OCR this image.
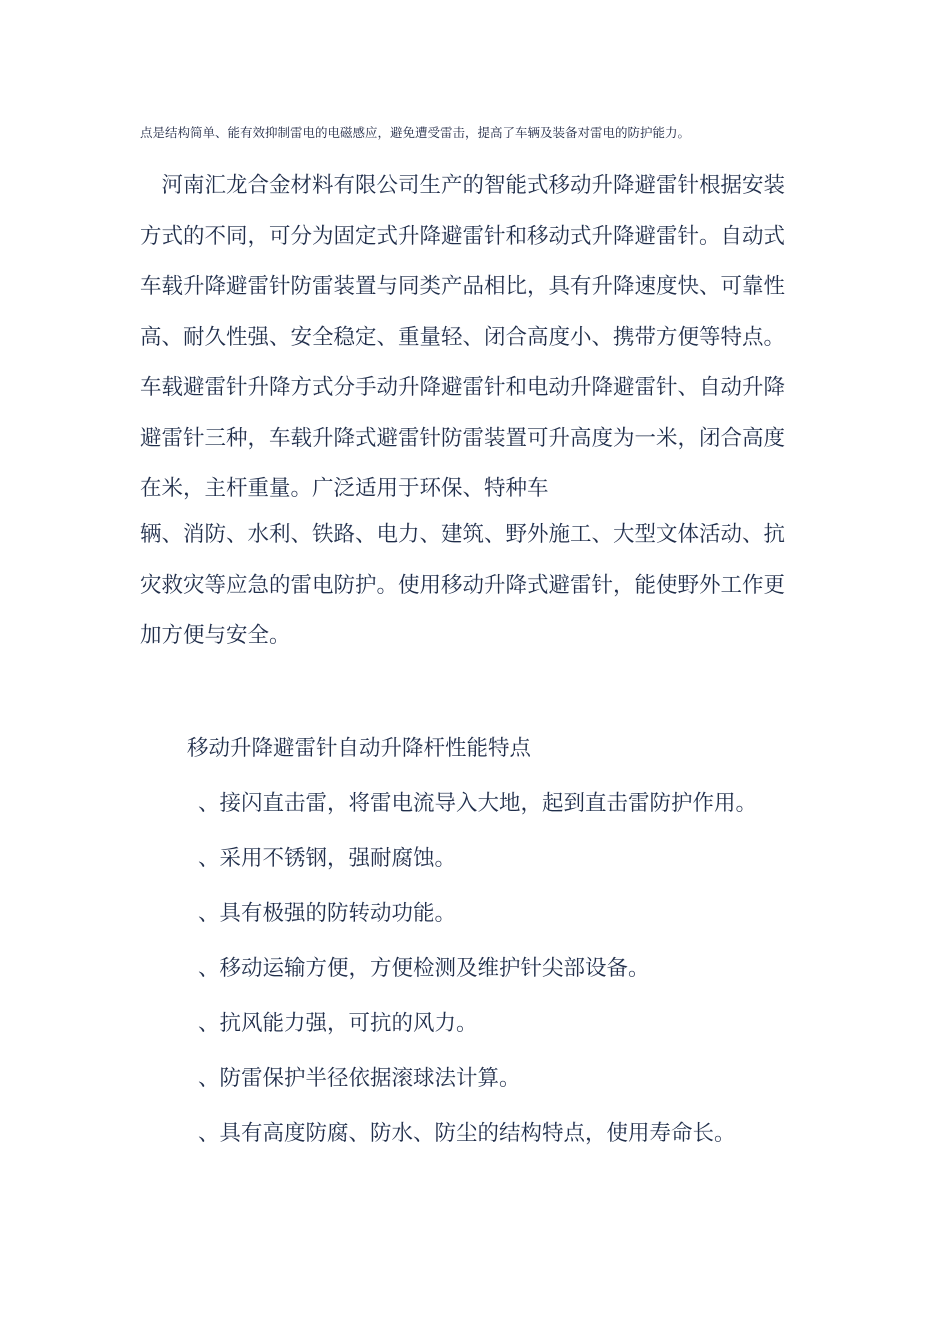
点是结构简单、能有效抑制雷电的电磁感应，避免遭受雷击，提高了车辆及装备对雷电的防护能力。

　河南汇龙合金材料有限公司生产的智能式移动升降避雷针根据安装
方式的不同，可分为固定式升降避雷针和移动式升降避雷针。自动式
车载升降避雷针防雷装置与同类产品相比，具有升降速度快、可靠性
高、耐久性强、安全稳定、重量轻、闭合高度小、携带方便等特点。
车载避雷针升降方式分手动升降避雷针和电动升降避雷针、自动升降
避雷针三种，车载升降式避雷针防雷装置可升高度为一米，闭合高度
在米，主杆重量。广泛适用于环保、特种车

辆、消防、水利、铁路、电力、建筑、野外施工、大型文体活动、抗
灾救灾等应急的雷电防护。使用移动升降式避雷针，能使野外工作更
加方便与安全。

移动升降避雷针自动升降杆性能特点
、接闪直击雷，将雷电流导入大地，起到直击雷防护作用。
、采用不锈钢，强耐腐蚀。
、具有极强的防转动功能。
、移动运输方便，方便检测及维护针尖部设备。
、抗风能力强，可抗的风力。
、防雷保护半径依据滚球法计算。
、具有高度防腐、防水、防尘的结构特点，使用寿命长。
